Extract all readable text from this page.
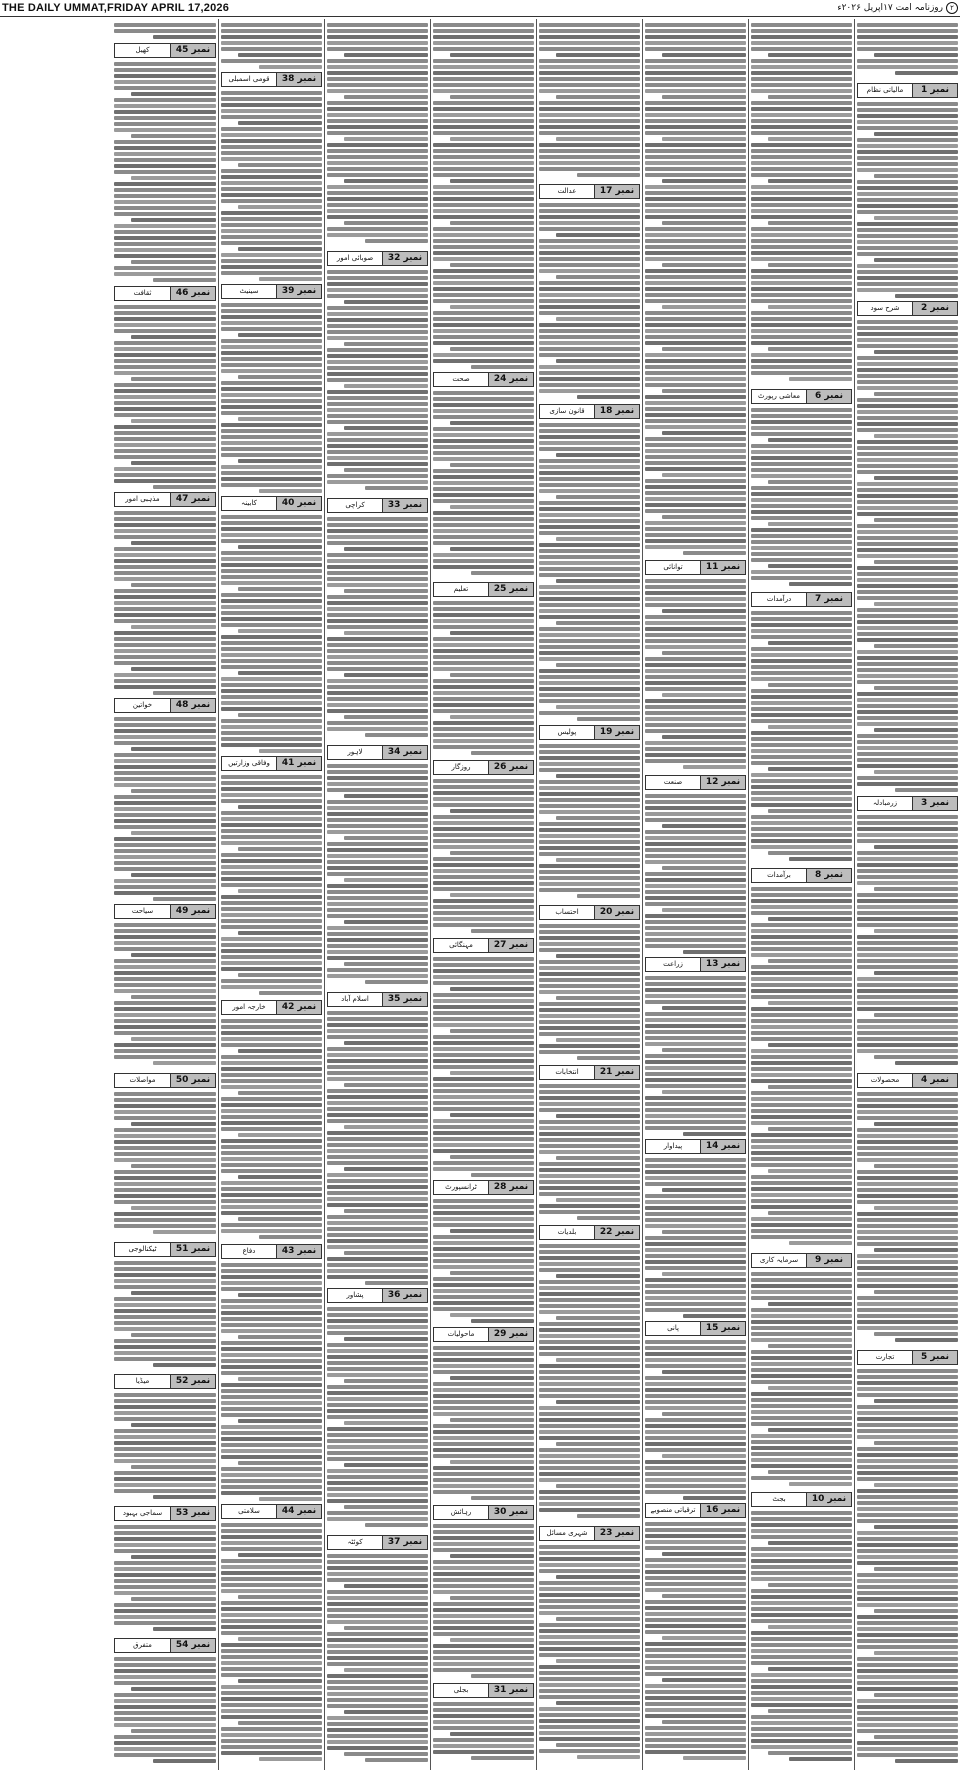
THE DAILY UMMAT,FRIDAY APRIL 17,2026	۲
روزنامہ امت ۱۷اپریل ۲۰۲۶ء
نمبر 1
مالیاتی نظام
نمبر 2
شرح سود
نمبر 3
زرمبادلہ
نمبر 4
محصولات
نمبر 5
تجارت
نمبر 6
معاشی رپورٹ
نمبر 7
درآمدات
نمبر 8
برآمدات
نمبر 9
سرمایہ کاری
نمبر 10
بجٹ
نمبر 11
توانائی
نمبر 12
صنعت
نمبر 13
زراعت
نمبر 14
پیداوار
نمبر 15
پانی
نمبر 16
ترقیاتی منصوبے
نمبر 17
عدالت
نمبر 18
قانون سازی
نمبر 19
پولیس
نمبر 20
احتساب
نمبر 21
انتخابات
نمبر 22
بلدیات
نمبر 23
شہری مسائل
نمبر 24
صحت
نمبر 25
تعلیم
نمبر 26
روزگار
نمبر 27
مہنگائی
نمبر 28
ٹرانسپورٹ
نمبر 29
ماحولیات
نمبر 30
رہائش
نمبر 31
بجلی
نمبر 32
صوبائی امور
نمبر 33
کراچی
نمبر 34
لاہور
نمبر 35
اسلام آباد
نمبر 36
پشاور
نمبر 37
کوئٹہ
نمبر 38
قومی اسمبلی
نمبر 39
سینیٹ
نمبر 40
کابینہ
نمبر 41
وفاقی وزارتیں
نمبر 42
خارجہ امور
نمبر 43
دفاع
نمبر 44
سلامتی
نمبر 45
کھیل
نمبر 46
ثقافت
نمبر 47
مذہبی امور
نمبر 48
خواتین
نمبر 49
سیاحت
نمبر 50
مواصلات
نمبر 51
ٹیکنالوجی
نمبر 52
میڈیا
نمبر 53
سماجی بہبود
نمبر 54
متفرق
